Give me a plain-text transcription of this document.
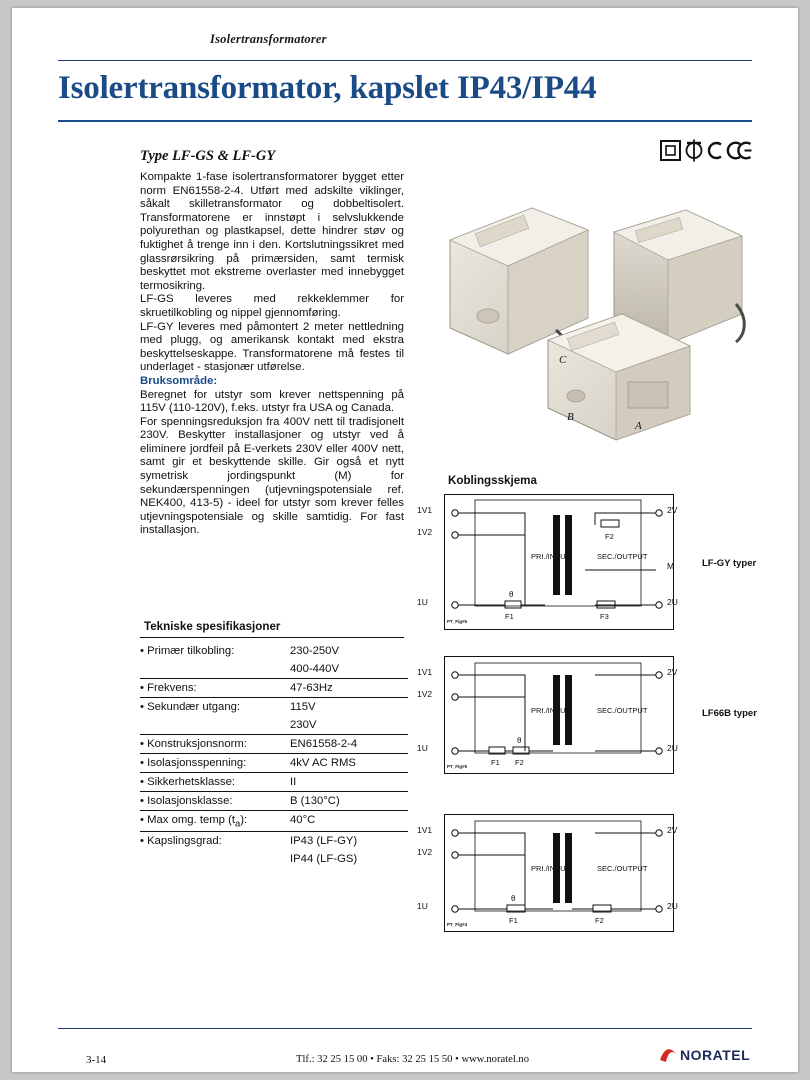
Isolertransformatorer
Isolertransformator, kapslet IP43/IP44
Type LF-GS & LF-GY

Kompakte 1-fase isolertransformatorer bygget etter norm EN61558-2-4. Utført med adskilte viklinger, såkalt skilletransformator og dobbeltisolert. Transformatorene er innstøpt i selvslukkende polyurethan og plastkapsel, dette hindrer støv og fuktighet å trenge inn i den. Kortslutningssikret med glassrørsikring på primærsiden, samt termisk beskyttet mot ekstreme overlaster med innebygget termosikring.

LF-GS leveres med rekkeklemmer for skruetilkobling og nippel gjennomføring.

LF-GY leveres med påmontert 2 meter nettledning med plugg, og amerikansk kontakt med ekstra beskyttelseskappe. Transformatorene må festes til underlaget - stasjonær utførelse.

Bruksområde:

Beregnet for utstyr som krever nettspenning på 115V (110-120V), f.eks. utstyr fra USA og Canada.

For spenningsreduksjon fra 400V nett til tradisjonelt 230V. Beskytter installasjoner og utstyr ved å eliminere jordfeil på E-verkets 230V eller 400V nett, samt gir et beskyttende skille. Gir også et nytt symetrisk jordingspunkt (M) for sekundærspenningen (utjevningspotensiale ref. NEK400, 413-5) - ideel for utstyr som krever felles utjevningspotensiale og skille samtidig. For fast installasjon.

Tekniske spesifikasjoner
• Primær tilkobling:	230-250V
	400-440V
• Frekvens:	47-63Hz
• Sekundær utgang:	115V
	230V
• Konstruksjonsnorm:	EN61558-2-4
• Isolasjonsspenning:	4kV AC RMS
• Sikkerhetsklasse:	II
• Isolasjonsklasse:	B (130°C)
• Max omg. temp $(t_a)$:	40°C
• Kapslingsgrad:	IP43 (LF-GY)
	IP44 (LF-GS)
C
B
A
Koblingsskjema
PRI./INPUT	SEC./OUTPUT
θ
F1
F2
F3
PT_Fig#5
1V1
1V2
1U
2V
2U
M	LF-GY typer
PRI./INPUT	SEC./OUTPUT
θ
F1 F2
PT_Fig#5
1V1
1V2
1U
2V
2U
LF66B typer
PRI./INPUT	SEC./OUTPUT
θ
F1	F2
PT_Fig#4
1V1
1V2
1U
2V
2U
3-14	Tlf.: 32 25 15 00 • Faks: 32 25 15 50 • www.noratel.no	NORATEL
